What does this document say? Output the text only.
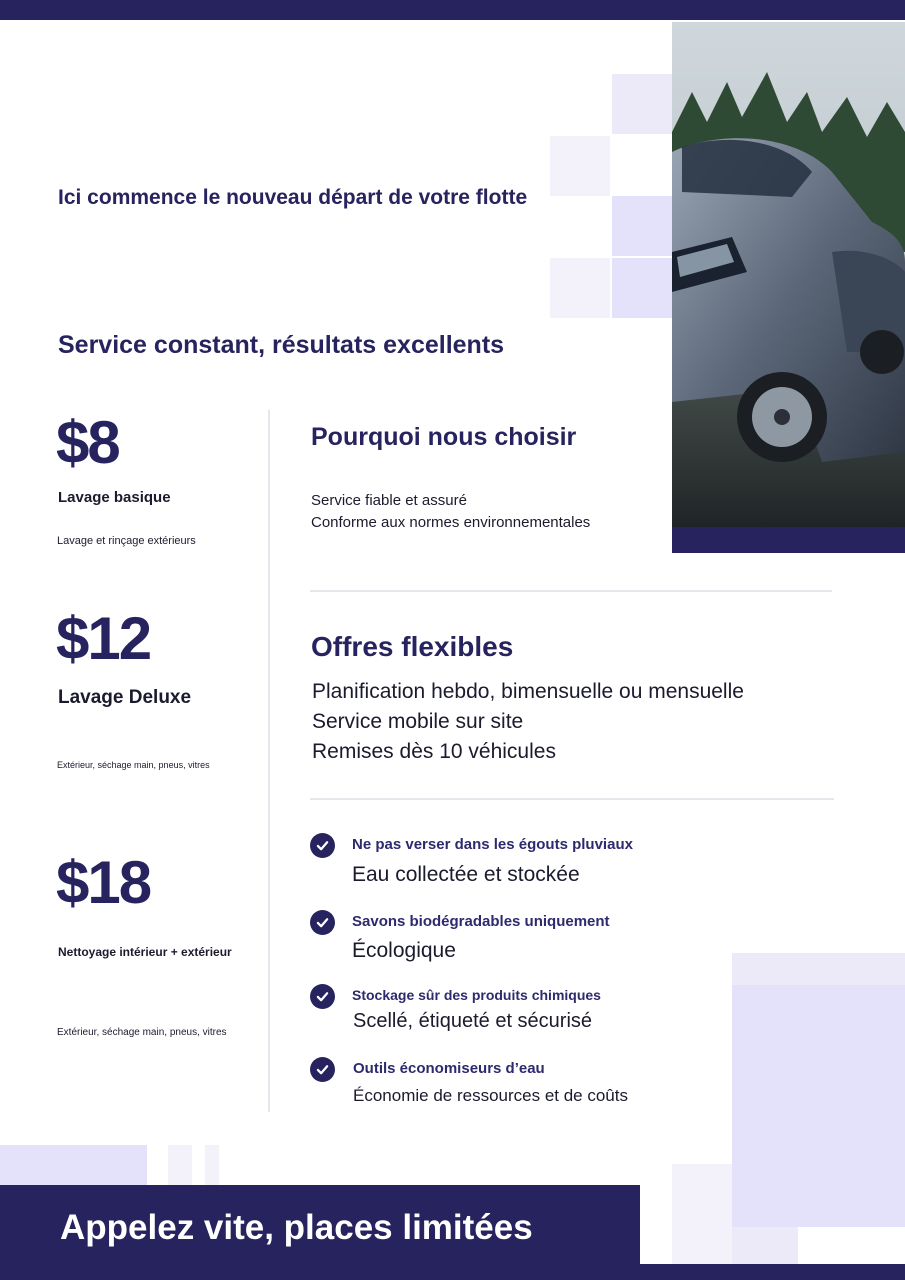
Ici commence le nouveau départ de votre flotte
Service constant, résultats excellents
$8
Lavage basique
Lavage et rinçage extérieurs
$12
Lavage Deluxe
Extérieur, séchage main, pneus, vitres
$18
Nettoyage intérieur + extérieur
Extérieur, séchage main, pneus, vitres
Pourquoi nous choisir
Service fiable et assuré
Conforme aux normes environnementales
Offres flexibles
Planification hebdo, bimensuelle ou mensuelle
Service mobile sur site
Remises dès 10 véhicules
Ne pas verser dans les égouts pluviaux
Eau collectée et stockée
Savons biodégradables uniquement
Écologique
Stockage sûr des produits chimiques
Scellé, étiqueté et sécurisé
Outils économiseurs d’eau
Économie de ressources et de coûts
Appelez vite, places limitées
